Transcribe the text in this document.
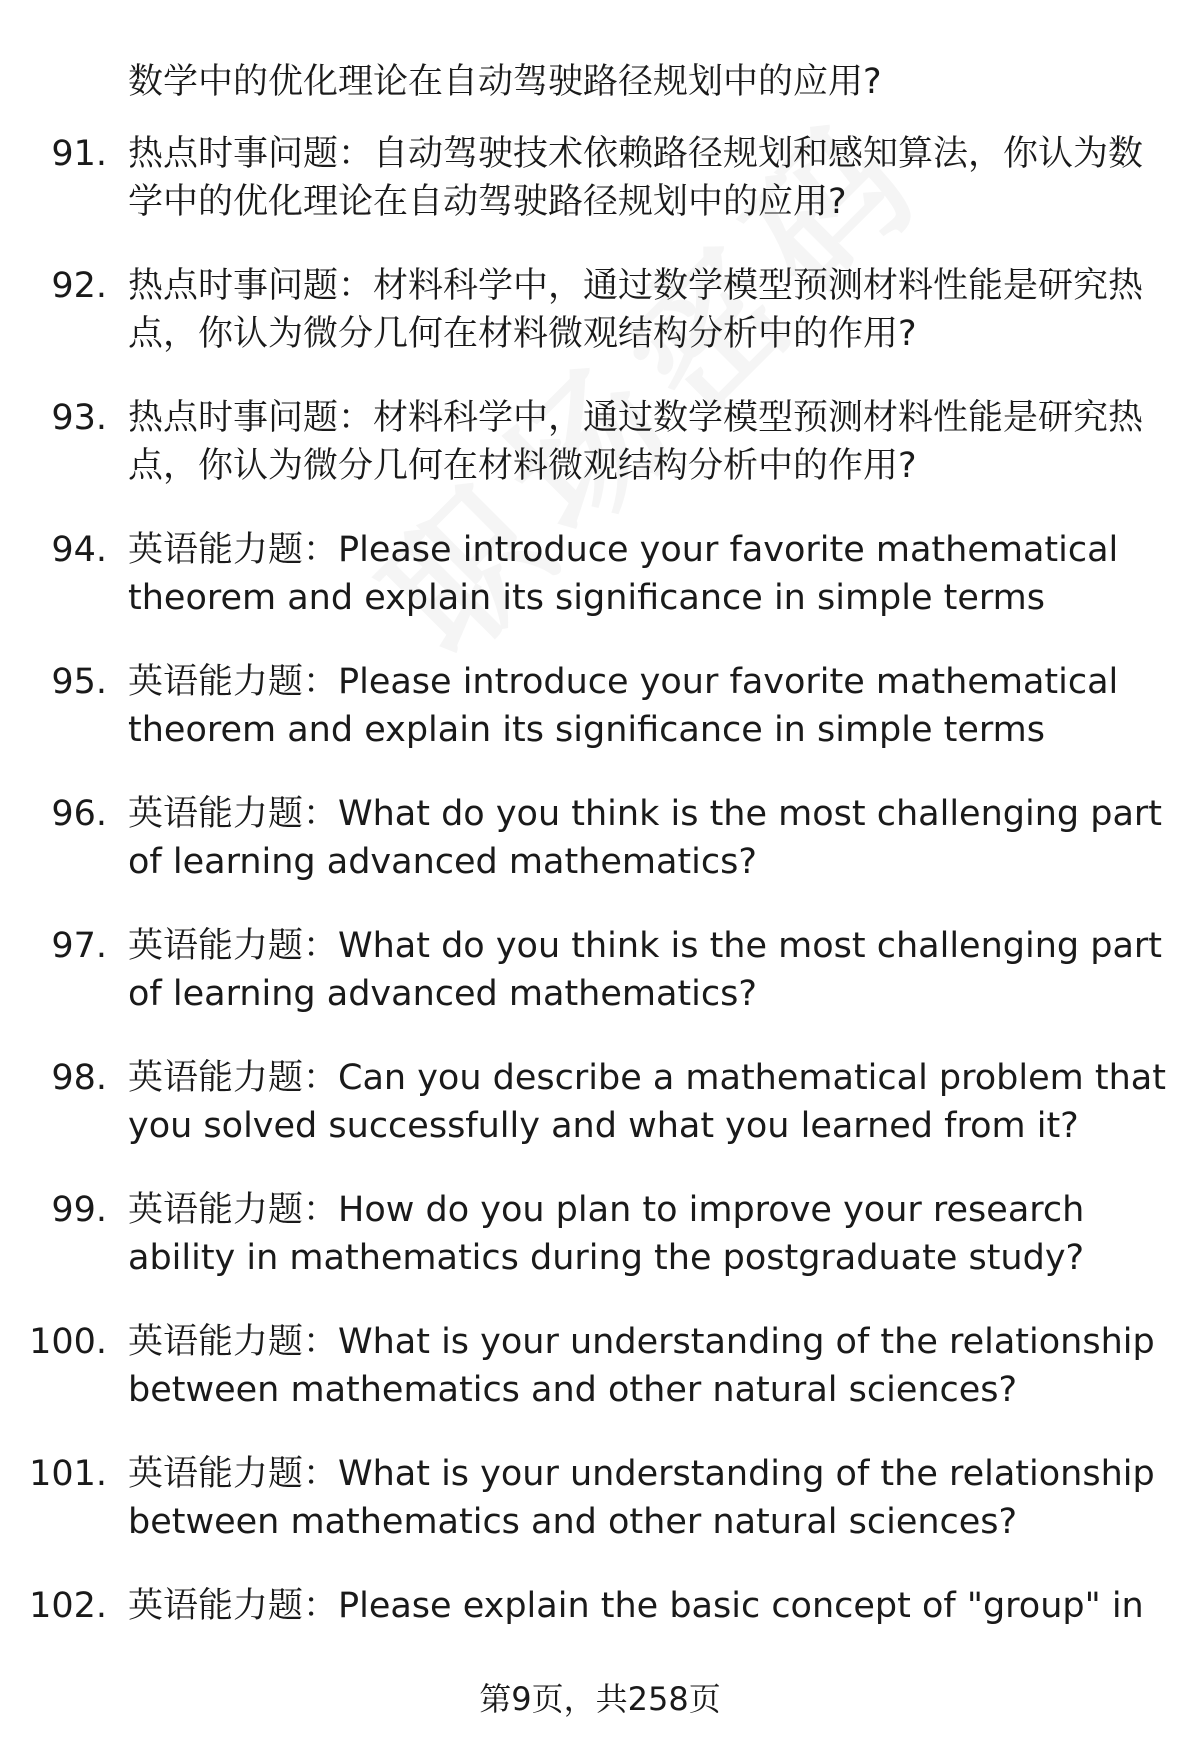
数学中的优化理论在自动驾驶路径规划中的应用?
91. 热点时事问题：自动驾驶技术依赖路径规划和感知算法，你认为数学中的优化理论在自动驾驶路径规划中的应用?
92. 热点时事问题：材料科学中，通过数学模型预测材料性能是研究热点，你认为微分几何在材料微观结构分析中的作用?
93. 热点时事问题：材料科学中，通过数学模型预测材料性能是研究热点，你认为微分几何在材料微观结构分析中的作用?
94. 英语能力题：Please introduce your favorite mathematical theorem and explain its significance in simple terms
95. 英语能力题：Please introduce your favorite mathematical theorem and explain its significance in simple terms
96. 英语能力题：What do you think is the most challenging part of learning advanced mathematics?
97. 英语能力题：What do you think is the most challenging part of learning advanced mathematics?
98. 英语能力题：Can you describe a mathematical problem that you solved successfully and what you learned from it?
99. 英语能力题：How do you plan to improve your research ability in mathematics during the postgraduate study?
100. 英语能力题：What is your understanding of the relationship between mathematics and other natural sciences?
101. 英语能力题：What is your understanding of the relationship between mathematics and other natural sciences?
102. 英语能力题：Please explain the basic concept of "group" in
第9页，共258页
